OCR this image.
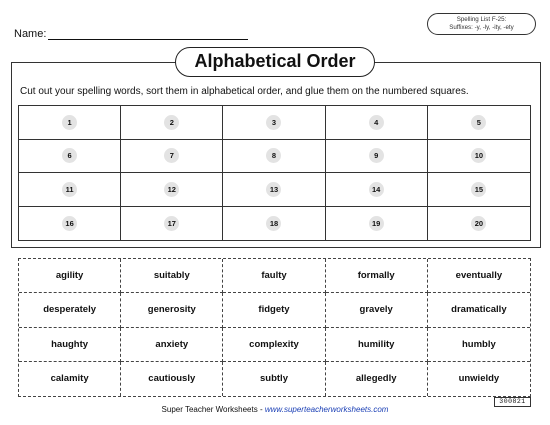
Name:
Spelling List F-25:
Suffixes: -y, -ly, -ity, -ety
Alphabetical Order
Cut out your spelling words, sort them in alphabetical order, and glue them on the numbered squares.
1	2	3	4	5
6	7	8	9	10
11	12	13	14	15
16	17	18	19	20
agility	suitably	faulty	formally	eventually
desperately	generosity	fidgety	gravely	dramatically
haughty	anxiety	complexity	humility	humbly
calamity	cautiously	subtly	allegedly	unwieldy
300821
Super Teacher Worksheets - www.superteacherworksheets.com
